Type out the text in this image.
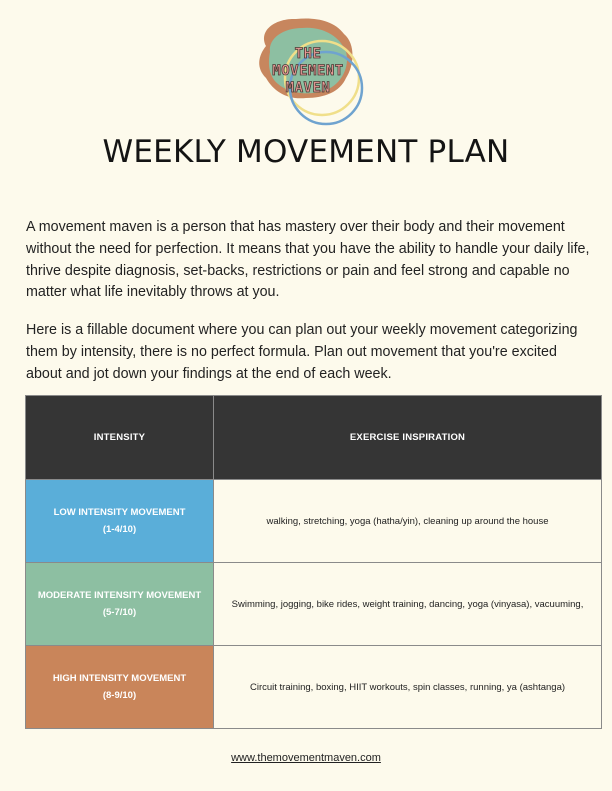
THE
MOVEMENT
MAVEN
WEEKLY MOVEMENT PLAN

A movement maven is a person that has mastery over their body and their movement without the need for perfection. It means that you have the ability to handle your daily life, thrive despite diagnosis, set-backs, restrictions or pain and feel strong and capable no matter what life inevitably throws at you.

Here is a fillable document where you can plan out your weekly movement categorizing them by intensity, there is no perfect formula. Plan out movement that you're excited about and jot down your findings at the end of each week.

INTENSITY	EXERCISE INSPIRATION

LOW INTENSITY MOVEMENT
(1-4/10)	walking, stretching, yoga (hatha/yin), cleaning up around the house

MODERATE INTENSITY MOVEMENT
(5-7/10)	Swimming, jogging, bike rides, weight training, dancing, yoga (vinyasa), vacuuming,

HIGH INTENSITY MOVEMENT
(8-9/10)	Circuit training, boxing, HIIT workouts, spin classes, running, ya (ashtanga)
www.themovementmaven.com
